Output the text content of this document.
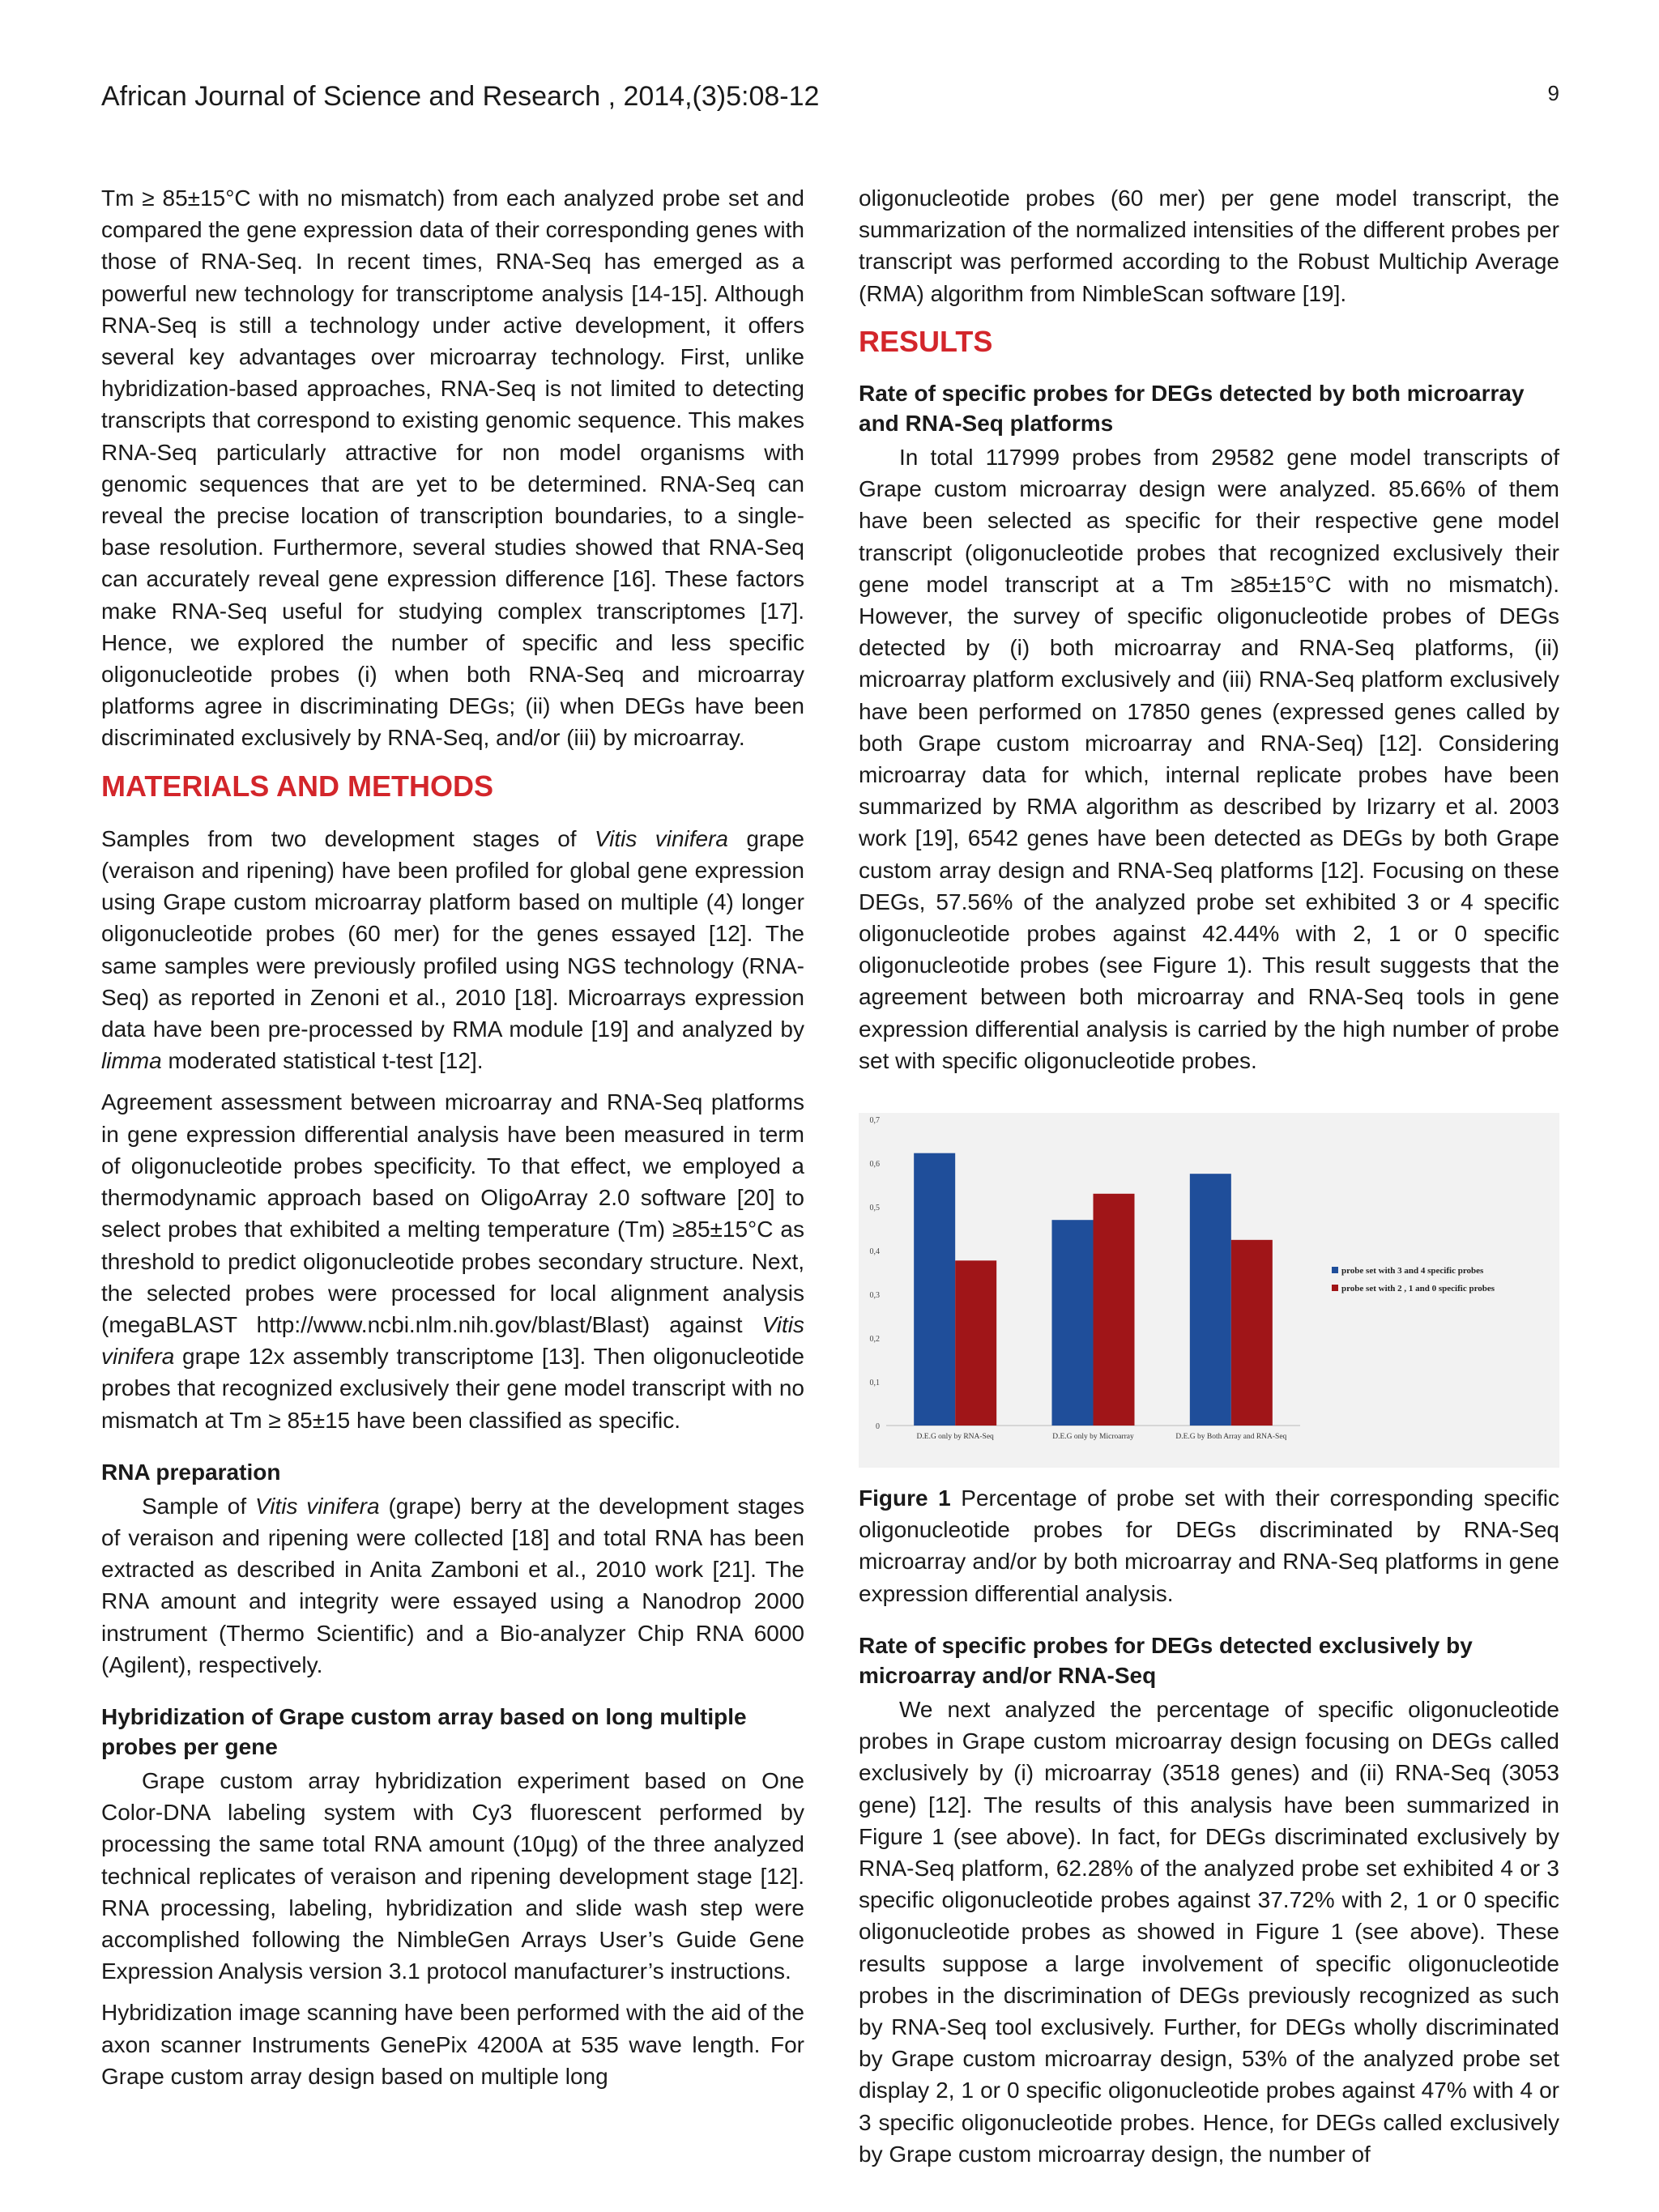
African Journal of Science and Research , 2014,(3)5:08-12	9

Tm ≥ 85±15°C with no mismatch) from each analyzed probe set and compared the gene expression data of their corresponding genes with those of RNA-Seq. In recent times, RNA-Seq has emerged as a powerful new technology for transcriptome analysis [14-15]. Although RNA-Seq is still a technology under active development, it offers several key advantages over microarray technology. First, unlike hybridization-based approaches, RNA-Seq is not limited to detecting transcripts that correspond to existing genomic sequence. This makes RNA-Seq particularly attractive for non model organisms with genomic sequences that are yet to be determined. RNA-Seq can reveal the precise location of transcription boundaries, to a single-base resolution. Furthermore, several studies showed that RNA-Seq can accurately reveal gene expression difference [16]. These factors make RNA-Seq useful for studying complex transcriptomes [17]. Hence, we explored the number of specific and less specific oligonucleotide probes (i) when both RNA-Seq and microarray platforms agree in discriminating DEGs; (ii) when DEGs have been discriminated exclusively by RNA-Seq, and/or (iii) by microarray.

MATERIALS AND METHODS

Samples from two development stages of Vitis vinifera grape (veraison and ripening) have been profiled for global gene expression using Grape custom microarray platform based on multiple (4) longer oligonucleotide probes (60 mer) for the genes essayed [12]. The same samples were previously profiled using NGS technology (RNA-Seq) as reported in Zenoni et al., 2010 [18]. Microarrays expression data have been pre-processed by RMA module [19] and analyzed by limma moderated statistical t-test [12].

Agreement assessment between microarray and RNA-Seq platforms in gene expression differential analysis have been measured in term of oligonucleotide probes specificity. To that effect, we employed a thermodynamic approach based on OligoArray 2.0 software [20] to select probes that exhibited a melting temperature (Tm) ≥85±15°C as threshold to predict oligonucleotide probes secondary structure. Next, the selected probes were processed for local alignment analysis (megaBLAST http://www.ncbi.nlm.nih.gov/blast/Blast) against Vitis vinifera grape 12x assembly transcriptome [13]. Then oligonucleotide probes that recognized exclusively their gene model transcript with no mismatch at Tm ≥ 85±15 have been classified as specific.

RNA preparation

Sample of Vitis vinifera (grape) berry at the development stages of veraison and ripening were collected [18] and total RNA has been extracted as described in Anita Zamboni et al., 2010 work [21]. The RNA amount and integrity were essayed using a Nanodrop 2000 instrument (Thermo Scientific) and a Bio-analyzer Chip RNA 6000 (Agilent), respectively.

Hybridization of Grape custom array based on long multiple probes per gene

Grape custom array hybridization experiment based on One Color-DNA labeling system with Cy3 fluorescent performed by processing the same total RNA amount (10µg) of the three analyzed technical replicates of veraison and ripening development stage [12]. RNA processing, labeling, hybridization and slide wash step were accomplished following the NimbleGen Arrays User’s Guide Gene Expression Analysis version 3.1 protocol manufacturer’s instructions.

Hybridization image scanning have been performed with the aid of the axon scanner Instruments GenePix 4200A at 535 wave length. For Grape custom array design based on multiple long

oligonucleotide probes (60 mer) per gene model transcript, the summarization of the normalized intensities of the different probes per transcript was performed according to the Robust Multichip Average (RMA) algorithm from NimbleScan software [19].

RESULTS
Rate of specific probes for DEGs detected by both microarray and RNA-Seq platforms

In total 117999 probes from 29582 gene model transcripts of Grape custom microarray design were analyzed. 85.66% of them have been selected as specific for their respective gene model transcript (oligonucleotide probes that recognized exclusively their gene model transcript at a Tm ≥85±15°C with no mismatch). However, the survey of specific oligonucleotide probes of DEGs detected by (i) both microarray and RNA-Seq platforms, (ii) microarray platform exclusively and (iii) RNA-Seq platform exclusively have been performed on 17850 genes (expressed genes called by both Grape custom microarray and RNA-Seq) [12]. Considering microarray data for which, internal replicate probes have been summarized by RMA algorithm as described by Irizarry et al. 2003 work [19], 6542 genes have been detected as DEGs by both Grape custom array design and RNA-Seq platforms [12]. Focusing on these DEGs, 57.56% of the analyzed probe set exhibited 3 or 4 specific oligonucleotide probes against 42.44% with 2, 1 or 0 specific oligonucleotide probes (see Figure 1). This result suggests that the agreement between both microarray and RNA-Seq tools in gene expression differential analysis is carried by the high number of probe set with specific oligonucleotide probes.

0
0,1
0,2
0,3
0,4
0,5
0,6
0,7
D.E.G only by RNA-Seq	D.E.G only by Microarray	D.E.G by Both Array and RNA-Seq
probe set with 3 and 4 specific probes
probe set with 2 , 1 and 0 specific probes

Figure 1 Percentage of probe set with their corresponding specific oligonucleotide probes for DEGs discriminated by RNA-Seq microarray and/or by both microarray and RNA-Seq platforms in gene expression differential analysis.

Rate of specific probes for DEGs detected exclusively by microarray and/or RNA-Seq

We next analyzed the percentage of specific oligonucleotide probes in Grape custom microarray design focusing on DEGs called exclusively by (i) microarray (3518 genes) and (ii) RNA-Seq (3053 gene) [12]. The results of this analysis have been summarized in Figure 1 (see above). In fact, for DEGs discriminated exclusively by RNA-Seq platform, 62.28% of the analyzed probe set exhibited 4 or 3 specific oligonucleotide probes against 37.72% with 2, 1 or 0 specific oligonucleotide probes as showed in Figure 1 (see above). These results suppose a large involvement of specific oligonucleotide probes in the discrimination of DEGs previously recognized as such by RNA-Seq tool exclusively. Further, for DEGs wholly discriminated by Grape custom microarray design, 53% of the analyzed probe set display 2, 1 or 0 specific oligonucleotide probes against 47% with 4 or 3 specific oligonucleotide probes. Hence, for DEGs called exclusively by Grape custom microarray design, the number of
